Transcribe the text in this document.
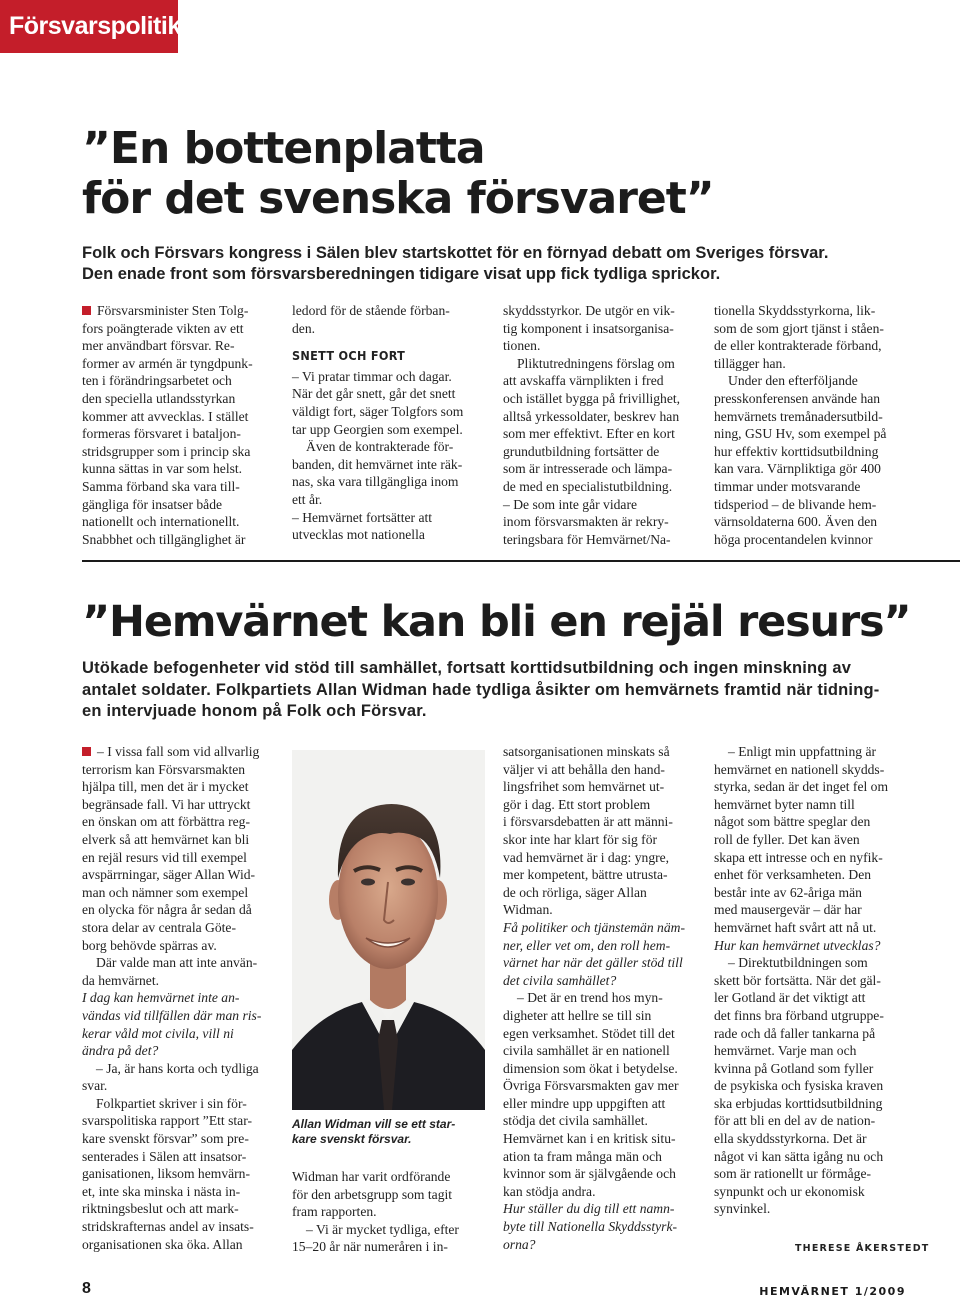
Försvarspolitik
”En bottenplatta
för det svenska försvaret”
Folk och Försvars kongress i Sälen blev startskottet för en förnyad debatt om Sveriges försvar.
Den enade front som försvarsberedningen tidigare visat upp fick tydliga sprickor.
Försvarsminister Sten Tolg-
fors poängterade vikten av ett
mer användbart försvar. Re-
former av armén är tyngdpunk-
ten i förändringsarbetet och
den speciella utlandsstyrkan
kommer att avvecklas. I stället
formeras försvaret i bataljon-
stridsgrupper som i princip ska
kunna sättas in var som helst.
Samma förband ska vara till-
gängliga för insatser både
nationellt och internationellt.
Snabbhet och tillgänglighet är
ledord för de stående förban-
den.
SNETT OCH FORT
– Vi pratar timmar och dagar.
När det går snett, går det snett
väldigt fort, säger Tolgfors som
tar upp Georgien som exempel.
Även de kontrakterade för-
banden, dit hemvärnet inte räk-
nas, ska vara tillgängliga inom
ett år.
– Hemvärnet fortsätter att
utvecklas mot nationella
skyddsstyrkor. De utgör en vik-
tig komponent i insatsorganisa-
tionen.
Pliktutredningens förslag om
att avskaffa värnplikten i fred
och istället bygga på frivillighet,
alltså yrkessoldater, beskrev han
som mer effektivt. Efter en kort
grundutbildning fortsätter de
som är intresserade och lämpa-
de med en specialistutbildning.
– De som inte går vidare
inom försvarsmakten är rekry-
teringsbara för Hemvärnet/Na-
tionella Skyddsstyrkorna, lik-
som de som gjort tjänst i ståen-
de eller kontrakterade förband,
tillägger han.
Under den efterföljande
presskonferensen använde han
hemvärnets tremånadersutbild-
ning, GSU Hv, som exempel på
hur effektiv korttidsutbildning
kan vara. Värnpliktiga gör 400
timmar under motsvarande
tidsperiod – de blivande hem-
värnsoldaterna 600. Även den
höga procentandelen kvinnor
”Hemvärnet kan bli en rejäl resurs”
Utökade befogenheter vid stöd till samhället, fortsatt korttidsutbildning och ingen minskning av
antalet soldater. Folkpartiets Allan Widman hade tydliga åsikter om hemvärnets framtid när tidning-
en intervjuade honom på Folk och Försvar.
– I vissa fall som vid allvarlig
terrorism kan Försvarsmakten
hjälpa till, men det är i mycket
begränsade fall. Vi har uttryckt
en önskan om att förbättra reg-
elverk så att hemvärnet kan bli
en rejäl resurs vid till exempel
avspärrningar, säger Allan Wid-
man och nämner som exempel
en olycka för några år sedan då
stora delar av centrala Göte-
borg behövde spärras av.
Där valde man att inte använ-
da hemvärnet.
I dag kan hemvärnet inte an-
vändas vid tillfällen där man ris-
kerar våld mot civila, vill ni
ändra på det?
– Ja, är hans korta och tydliga
svar.
Folkpartiet skriver i sin för-
svarspolitiska rapport ”Ett star-
kare svenskt försvar” som pre-
senterades i Sälen att insatsor-
ganisationen, liksom hemvärn-
et, inte ska minska i nästa in-
riktningsbeslut och att mark-
stridskrafternas andel av insats-
organisationen ska öka. Allan
Allan Widman vill se ett star-
kare svenskt försvar.
Widman har varit ordförande
för den arbetsgrupp som tagit
fram rapporten.
– Vi är mycket tydliga, efter
15–20 år när numeråren i in-
satsorganisationen minskats så
väljer vi att behålla den hand-
lingsfrihet som hemvärnet ut-
gör i dag. Ett stort problem
i försvarsdebatten är att männi-
skor inte har klart för sig för
vad hemvärnet är i dag: yngre,
mer kompetent, bättre utrusta-
de och rörliga, säger Allan
Widman.
Få politiker och tjänstemän näm-
ner, eller vet om, den roll hem-
värnet har när det gäller stöd till
det civila samhället?
– Det är en trend hos myn-
digheter att hellre se till sin
egen verksamhet. Stödet till det
civila samhället är en nationell
dimension som ökat i betydelse.
Övriga Försvarsmakten gav mer
eller mindre upp uppgiften att
stödja det civila samhället.
Hemvärnet kan i en kritisk situ-
ation ta fram många män och
kvinnor som är självgående och
kan stödja andra.
Hur ställer du dig till ett namn-
byte till Nationella Skyddsstyrk-
orna?
– Enligt min uppfattning är
hemvärnet en nationell skydds-
styrka, sedan är det inget fel om
hemvärnet byter namn till
något som bättre speglar den
roll de fyller. Det kan även
skapa ett intresse och en nyfik-
enhet för verksamheten. Den
består inte av 62-åriga män
med mausergevär – där har
hemvärnet haft svårt att nå ut.
Hur kan hemvärnet utvecklas?
– Direktutbildningen som
skett bör fortsätta. När det gäl-
ler Gotland är det viktigt att
det finns bra förband utgruppe-
rade och då faller tankarna på
hemvärnet. Varje man och
kvinna på Gotland som fyller
de psykiska och fysiska kraven
ska erbjudas korttidsutbildning
för att bli en del av de nation-
ella skyddsstyrkorna. Det är
något vi kan sätta igång nu och
som är rationellt ur förmåge-
synpunkt och ur ekonomisk
synvinkel.
THERESE ÅKERSTEDT
8	HEMVÄRNET 1/2009
